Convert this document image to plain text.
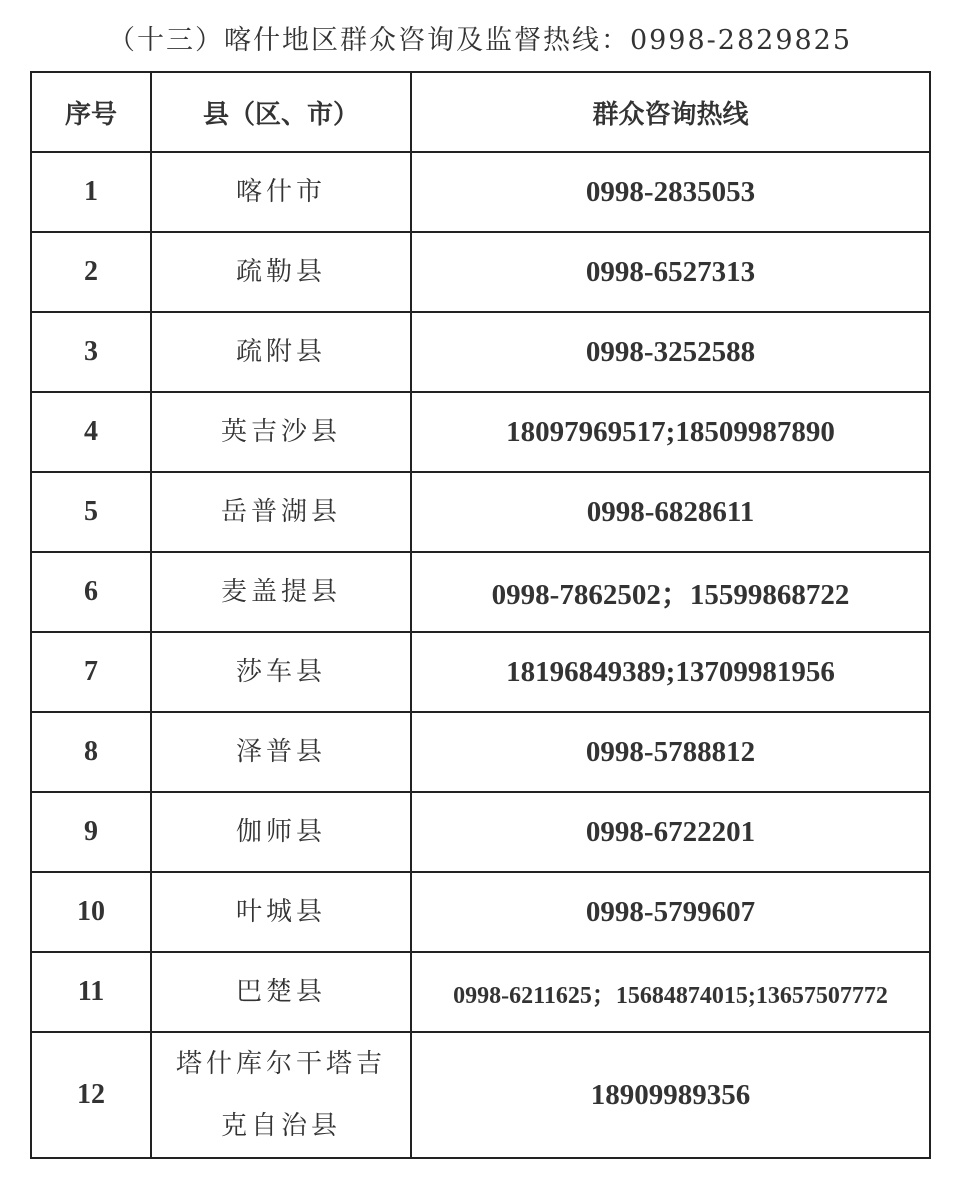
（十三）喀什地区群众咨询及监督热线：0998-2829825
序号	县（区、市）	群众咨询热线
1	喀什市	0998-2835053
2	疏勒县	0998-6527313
3	疏附县	0998-3252588
4	英吉沙县	18097969517;18509987890
5	岳普湖县	0998-6828611
6	麦盖提县	0998-7862502；15599868722
7	莎车县	18196849389;13709981956
8	泽普县	0998-5788812
9	伽师县	0998-6722201
10	叶城县	0998-5799607
11	巴楚县	0998-6211625；15684874015;13657507772
12	塔什库尔干塔吉克自治县	18909989356
